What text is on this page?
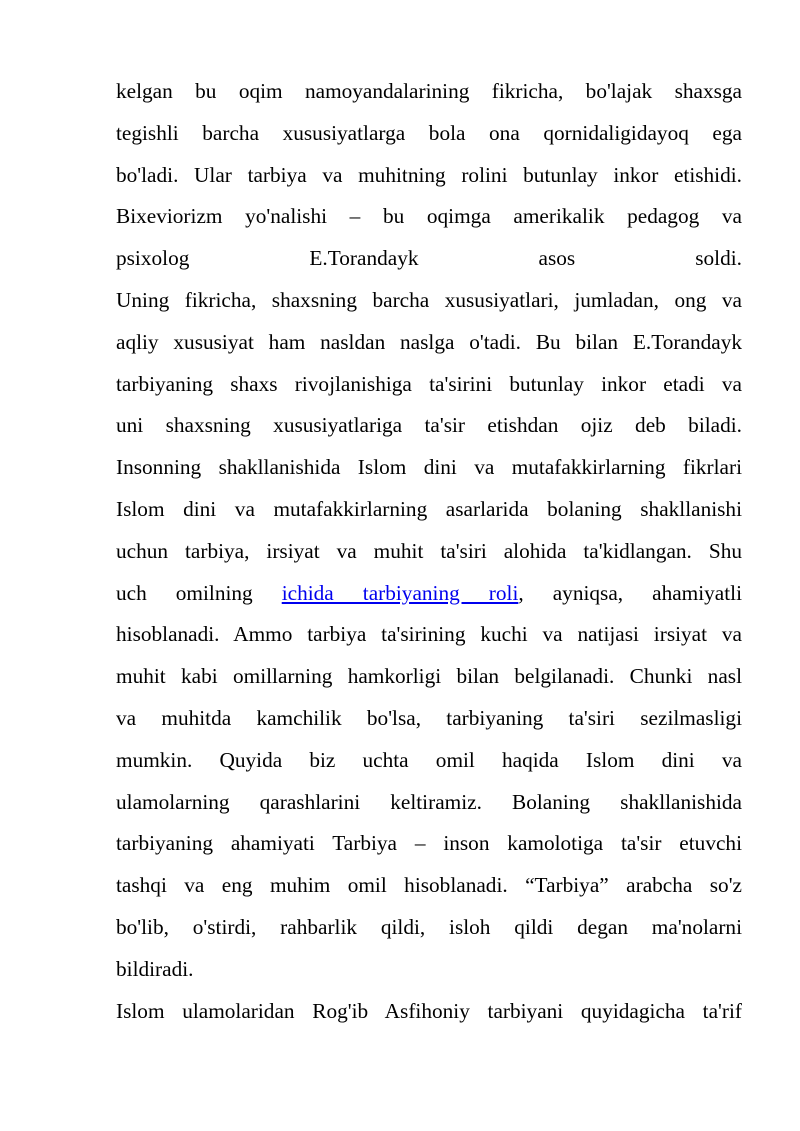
kelgan bu oqim namoyandalarining fikricha, bo'lajak shaxsga
tegishli barcha xususiyatlarga bola ona qornidaligidayoq ega
bo'ladi. Ular tarbiya va muhitning rolini butunlay inkor etishidi.
Bixeviorizm yo'nalishi – bu oqimga amerikalik pedagog va
psixolog E.Torandayk asos soldi.
Uning fikricha, shaxsning barcha xususiyatlari, jumladan, ong va
aqliy xususiyat ham nasldan naslga o'tadi. Bu bilan E.Torandayk
tarbiyaning shaxs rivojlanishiga ta'sirini butunlay inkor etadi va
uni shaxsning xususiyatlariga ta'sir etishdan ojiz deb biladi.
Insonning shakllanishida Islom dini va mutafakkirlarning fikrlari
Islom dini va mutafakkirlarning asarlarida bolaning shakllanishi
uchun tarbiya, irsiyat va muhit ta'siri alohida ta'kidlangan. Shu
uch omilning ichida tarbiyaning roli, ayniqsa, ahamiyatli
hisoblanadi. Ammo tarbiya ta'sirining kuchi va natijasi irsiyat va
muhit kabi omillarning hamkorligi bilan belgilanadi. Chunki nasl
va muhitda kamchilik bo'lsa, tarbiyaning ta'siri sezilmasligi
mumkin. Quyida biz uchta omil haqida Islom dini va
ulamolarning qarashlarini keltiramiz. Bolaning shakllanishida
tarbiyaning ahamiyati Tarbiya – inson kamolotiga ta'sir etuvchi
tashqi va eng muhim omil hisoblanadi. “Tarbiya” arabcha so'z
bo'lib, o'stirdi, rahbarlik qildi, isloh qildi degan ma'nolarni
bildiradi.
Islom ulamolaridan Rog'ib Asfihoniy tarbiyani quyidagicha ta'rif
